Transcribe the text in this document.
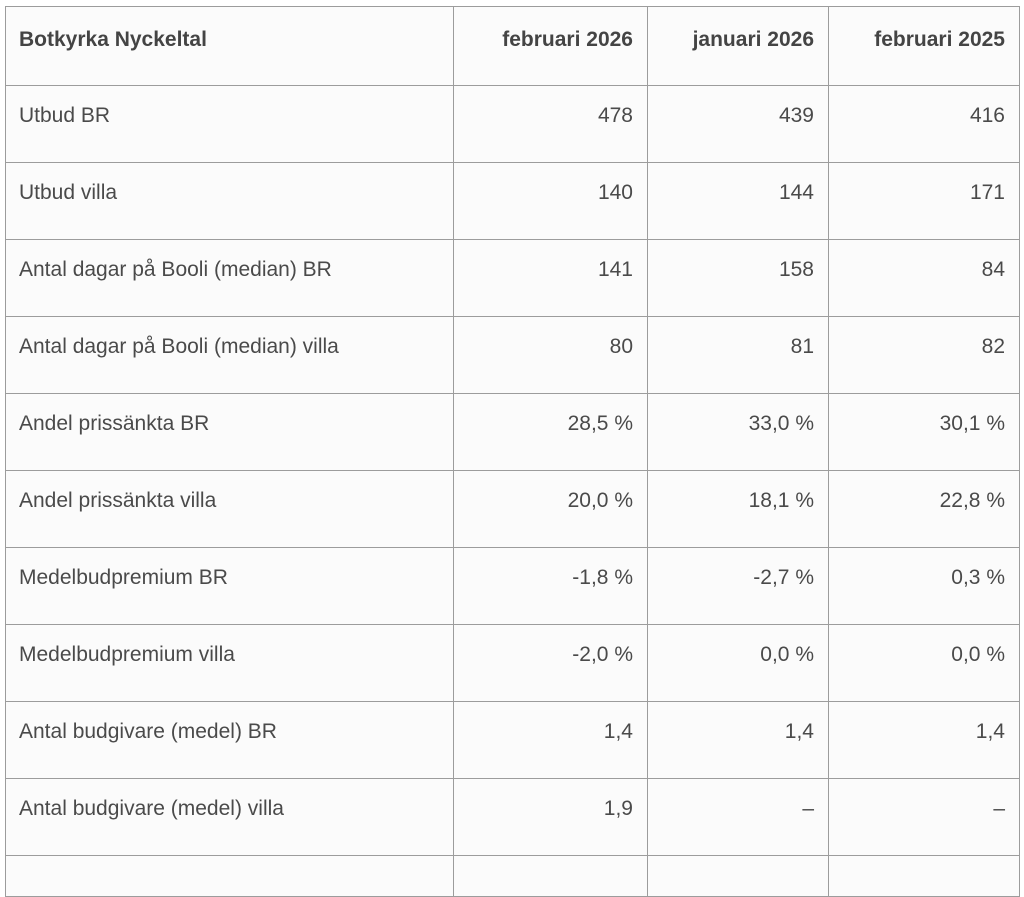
Botkyrka Nyckeltal	februari 2026	januari 2026	februari 2025
Utbud BR	478	439	416
Utbud villa	140	144	171
Antal dagar på Booli (median) BR	141	158	84
Antal dagar på Booli (median) villa	80	81	82
Andel prissänkta BR	28,5 %	33,0 %	30,1 %
Andel prissänkta villa	20,0 %	18,1 %	22,8 %
Medelbudpremium BR	-1,8 %	-2,7 %	0,3 %
Medelbudpremium villa	-2,0 %	0,0 %	0,0 %
Antal budgivare (medel) BR	1,4	1,4	1,4
Antal budgivare (medel) villa	1,9	–	–
